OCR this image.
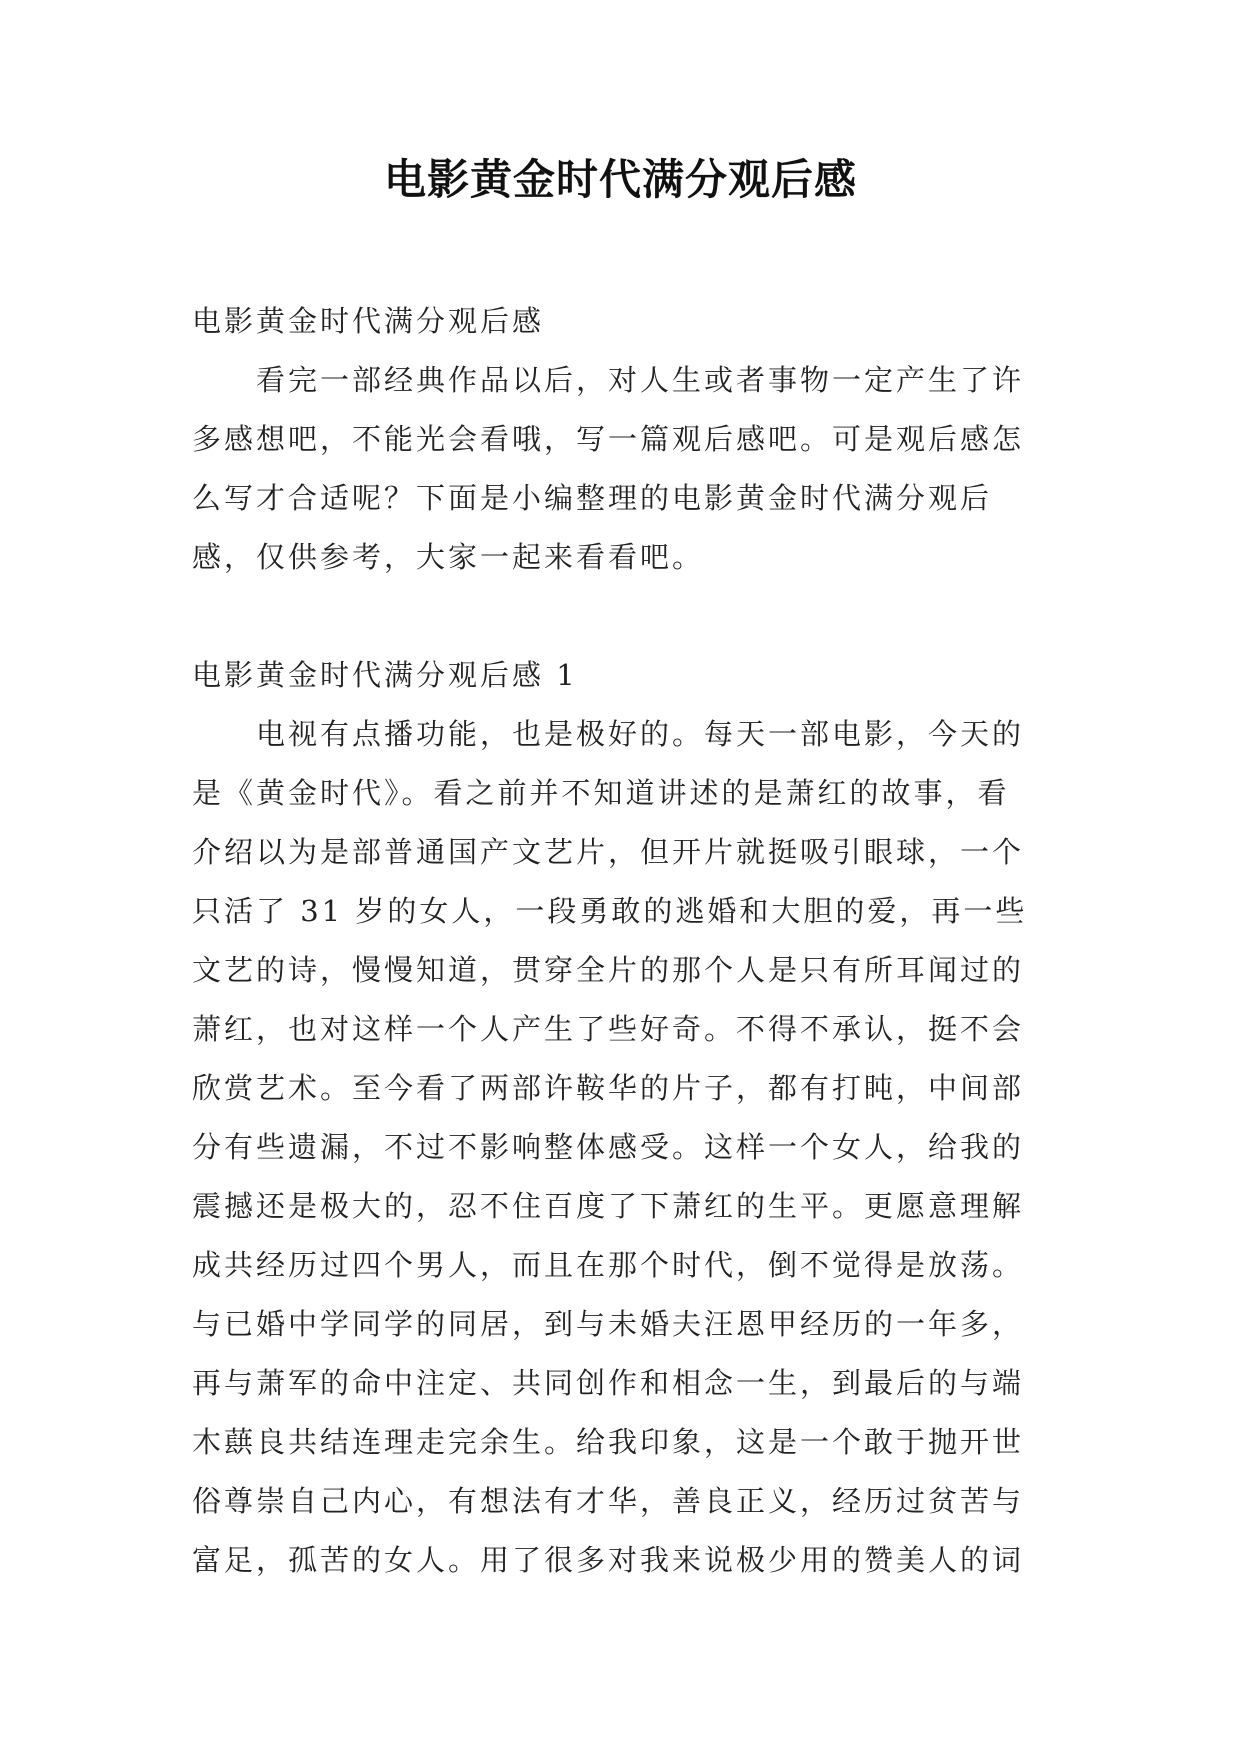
电影黄金时代满分观后感
电影黄金时代满分观后感
看完一部经典作品以后，对人生或者事物一定产生了许
多感想吧，不能光会看哦，写一篇观后感吧。可是观后感怎
么写才合适呢？下面是小编整理的电影黄金时代满分观后
感，仅供参考，大家一起来看看吧。
电影黄金时代满分观后感 1
电视有点播功能，也是极好的。每天一部电影，今天的
是《黄金时代》。看之前并不知道讲述的是萧红的故事，看
介绍以为是部普通国产文艺片，但开片就挺吸引眼球，一个
只活了 31 岁的女人，一段勇敢的逃婚和大胆的爱，再一些
文艺的诗，慢慢知道，贯穿全片的那个人是只有所耳闻过的
萧红，也对这样一个人产生了些好奇。不得不承认，挺不会
欣赏艺术。至今看了两部许鞍华的片子，都有打盹，中间部
分有些遗漏，不过不影响整体感受。这样一个女人，给我的
震撼还是极大的，忍不住百度了下萧红的生平。更愿意理解
成共经历过四个男人，而且在那个时代，倒不觉得是放荡。
与已婚中学同学的同居，到与未婚夫汪恩甲经历的一年多，
再与萧军的命中注定、共同创作和相念一生，到最后的与端
木蕻良共结连理走完余生。给我印象，这是一个敢于抛开世
俗尊崇自己内心，有想法有才华，善良正义，经历过贫苦与
富足，孤苦的女人。用了很多对我来说极少用的赞美人的词
